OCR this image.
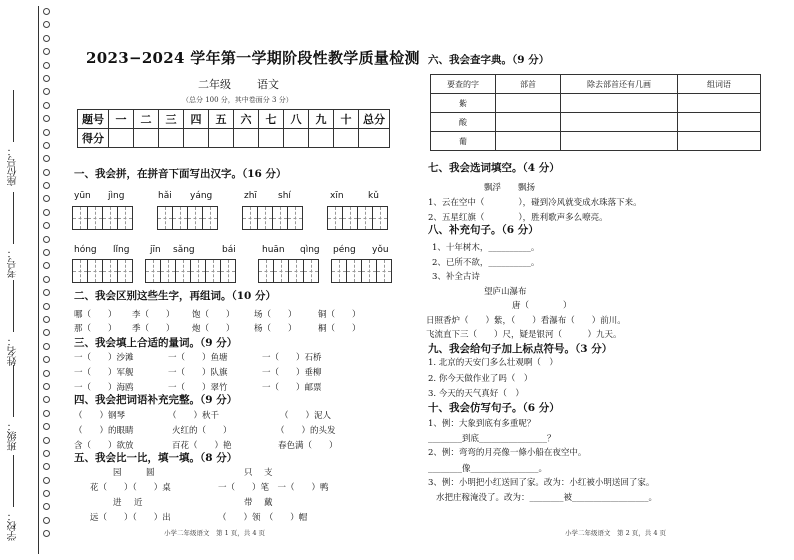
座位号：
考号：
姓名：
班级：
学校：
2023−2024 学年第一学期阶段性教学质量检测
二年级 语文
（总分 100 分，其中卷面分 3 分）
题号	一	二	三	四	五	六	七	八	九	十	总分
得分											
一、我会拼，在拼音下面写出汉字。（16 分）
yūn jìng	hǎi yáng	zhī shí	xīn	kǔ
hóng lǐng jīn sǎng	bái	huān qìng péng yǒu
二、我会区别这些生字，再组词。（10 分）
哪（　　） 李（　　） 饱（　　） 场（　　）	铜（　　）
那（　　） 季（　　） 炮（　　） 杨（　　）	桐（　　）
三、我会填上合适的量词。（9 分）
一（　　）沙滩	一（　　）鱼塘	一（　　）石桥
一（　　）军舰	一（　　）队旗	一（　　）垂柳
一（　　）海鸥	一（　　）翠竹	一（　　）邮票
四、我会把词语补充完整。（9 分）
（　　）钢琴	（　　）秋千	（　　）泥人
（　　）的眼睛	火红的（　　）	（　　）的头发
含（　　）欲放	百花（　　）艳	春色满（　　）
五、我会比一比，填一填。（8 分）
园	圆	只 支
花（　　）（　　）桌	一（　　）笔　一（　　）鸭
进 近	带 戴
远（　　）（　　）出	（　　）领　（　　）帽
小学二年级语文　第 1 页，共 4 页
六、我会查字典。（9 分）
要查的字	部首	除去部首还有几画	组词语
紫			
酸			
葡			
七、我会选词填空。（4 分）
飘浮　　飘扬
1、云在空中（　　　　），碰到冷风就变成水珠落下来。
2、五星红旗（　　　　），胜利歌声多么嘹亮。
八、补充句子。（6 分）
1、十年树木，__________。
2、已所不欲，__________。
3、补全古诗
望庐山瀑布
唐（　　　　）
日照香炉（　　）紫，（　　）看瀑布（　　）前川。
飞流直下三（　　）尺，疑是银河（　　　）九天。
九、我会给句子加上标点符号。（3 分）
1. 北京的天安门多么壮观啊（　）
2. 你今天做作业了吗（　）
3. 今天的天气真好（　）
十、我会仿写句子。（6 分）
1、例：大象到底有多重呢？
________到底________________？
2、例：弯弯的月亮像一條小船在夜空中。
________像________________。
3、例：小明把小红送回了家。改为：小红被小明送回了家。
水把庄稼淹没了。改为：________被__________________。
小学二年级语文　第 2 页，共 4 页
